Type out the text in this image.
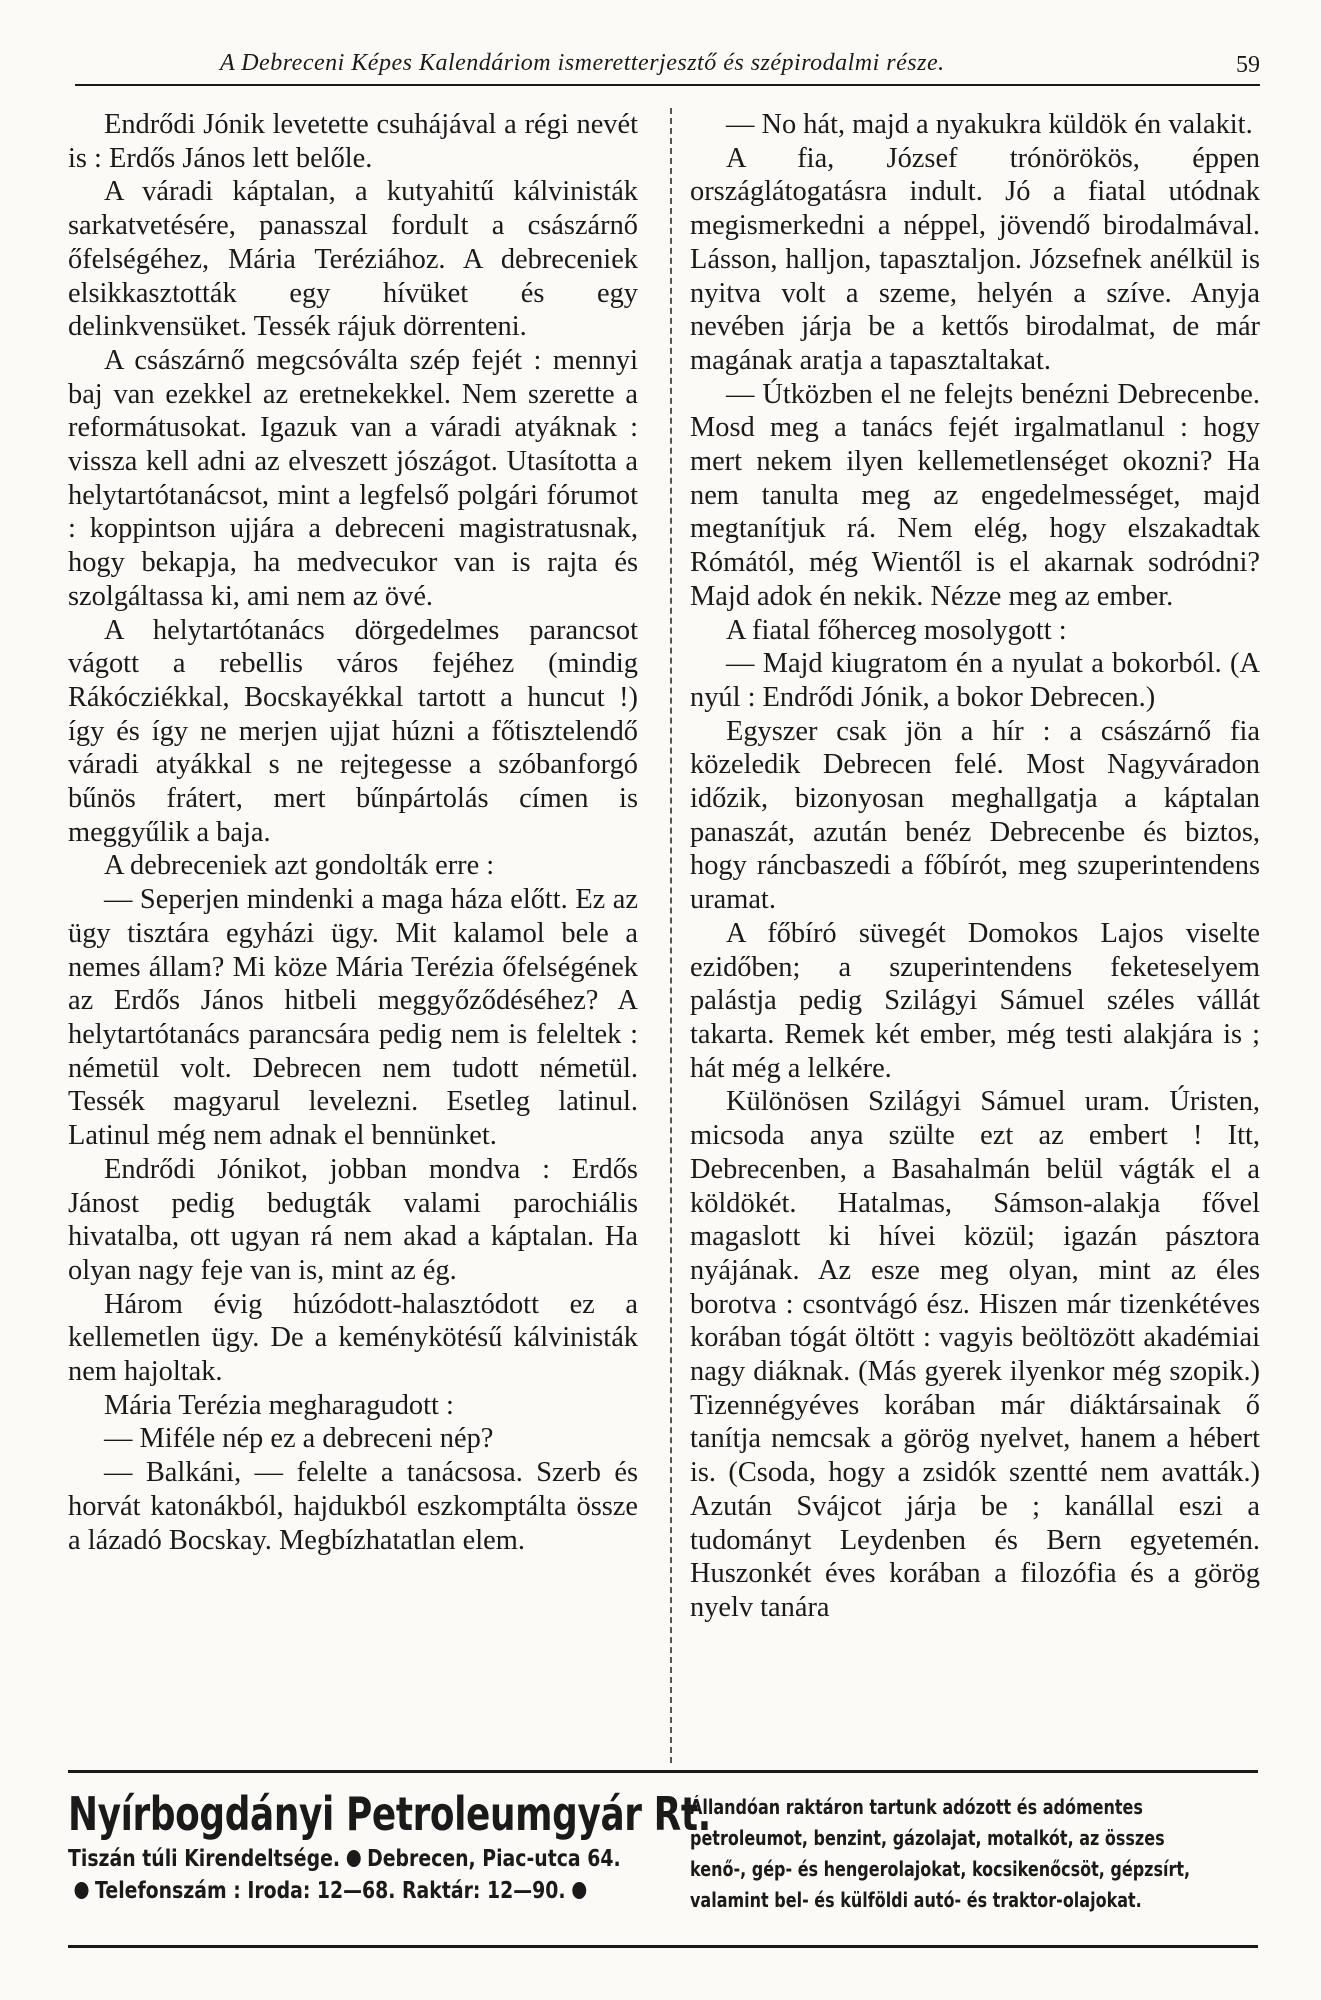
A Debreceni Képes Kalendáriom ismeretterjesztő és szépirodalmi része.	59

Endrődi Jónik levetette csuhájával a régi nevét is : Erdős János lett belőle.

A váradi káptalan, a kutyahitű kálvinisták sarkatvetésére, panasszal fordult a császárnő őfelségéhez, Mária Teréziához. A debreceniek elsikkasztották egy hívüket és egy delinkvensüket. Tessék rájuk dörrenteni.

A császárnő megcsóválta szép fejét : mennyi baj van ezekkel az eretnekekkel. Nem szerette a reformátusokat. Igazuk van a váradi atyáknak : vissza kell adni az elveszett jószágot. Utasította a helytartótanácsot, mint a legfelső polgári fórumot : koppintson ujjára a debreceni magistratusnak, hogy bekapja, ha medvecukor van is rajta és szolgáltassa ki, ami nem az övé.

A helytartótanács dörgedelmes parancsot vágott a rebellis város fejéhez (mindig Rákócziékkal, Bocskayékkal tartott a huncut !) így és így ne merjen ujjat húzni a főtisztelendő váradi atyákkal s ne rejtegesse a szóbanforgó bűnös frátert, mert bűnpártolás címen is meggyűlik a baja.

A debreceniek azt gondolták erre :

— Seperjen mindenki a maga háza előtt. Ez az ügy tisztára egyházi ügy. Mit kalamol bele a nemes állam? Mi köze Mária Terézia őfelségének az Erdős János hitbeli meggyőződéséhez? A helytartótanács parancsára pedig nem is feleltek : németül volt. Debrecen nem tudott németül. Tessék magyarul levelezni. Esetleg latinul. Latinul még nem adnak el bennünket.

Endrődi Jónikot, jobban mondva : Erdős Jánost pedig bedugták valami parochiális hivatalba, ott ugyan rá nem akad a káptalan. Ha olyan nagy feje van is, mint az ég.

Három évig húzódott-halasztódott ez a kellemetlen ügy. De a keménykötésű kálvinisták nem hajoltak.

Mária Terézia megharagudott :

— Miféle nép ez a debreceni nép?

— Balkáni, — felelte a tanácsosa. Szerb és horvát katonákból, hajdukból eszkomptálta össze a lázadó Bocskay. Megbízhatatlan elem.

— No hát, majd a nyakukra küldök én valakit.

A fia, József trónörökös, éppen országlátogatásra indult. Jó a fiatal utódnak megismerkedni a néppel, jövendő birodalmával. Lásson, halljon, tapasztaljon. Józsefnek anélkül is nyitva volt a szeme, helyén a szíve. Anyja nevében járja be a kettős birodalmat, de már magának aratja a tapasztaltakat.

— Útközben el ne felejts benézni Debrecenbe. Mosd meg a tanács fejét irgalmatlanul : hogy mert nekem ilyen kellemetlenséget okozni? Ha nem tanulta meg az engedelmességet, majd megtanítjuk rá. Nem elég, hogy elszakadtak Rómától, még Wientől is el akarnak sodródni? Majd adok én nekik. Nézze meg az ember.

A fiatal főherceg mosolygott :

— Majd kiugratom én a nyulat a bokorból. (A nyúl : Endrődi Jónik, a bokor Debrecen.)

Egyszer csak jön a hír : a császárnő fia közeledik Debrecen felé. Most Nagyváradon időzik, bizonyosan meghallgatja a káptalan panaszát, azután benéz Debrecenbe és biztos, hogy ráncbaszedi a főbírót, meg szuperintendens uramat.

A főbíró süvegét Domokos Lajos viselte ezidőben; a szuperintendens feketeselyem palástja pedig Szilágyi Sámuel széles vállát takarta. Remek két ember, még testi alakjára is ; hát még a lelkére.

Különösen Szilágyi Sámuel uram. Úristen, micsoda anya szülte ezt az embert ! Itt, Debrecenben, a Basahalmán belül vágták el a köldökét. Hatalmas, Sámson-alakja fővel magaslott ki hívei közül; igazán pásztora nyájának. Az esze meg olyan, mint az éles borotva : csontvágó ész. Hiszen már tizenkétéves korában tógát öltött : vagyis beöltözött akadémiai nagy diáknak. (Más gyerek ilyenkor még szopik.) Tizennégyéves korában már diáktársainak ő tanítja nemcsak a görög nyelvet, hanem a hébert is. (Csoda, hogy a zsidók szentté nem avatták.) Azután Svájcot járja be ; kanállal eszi a tudományt Leydenben és Bern egyetemén. Huszonkét éves korában a filozófia és a görög nyelv tanára

Nyírbogdányi Petroleumgyár Rt.
Tiszán túli Kirendeltsége. Debrecen, Piac-utca 64.
Telefonszám : Iroda: 12—68. Raktár: 12—90.
Állandóan raktáron tartunk adózott és adómentes
petroleumot, benzint, gázolajat, motalkót, az összes
kenő-, gép- és hengerolajokat, kocsikenőcsöt, gépzsírt,
valamint bel- és külföldi autó- és traktor-olajokat.
